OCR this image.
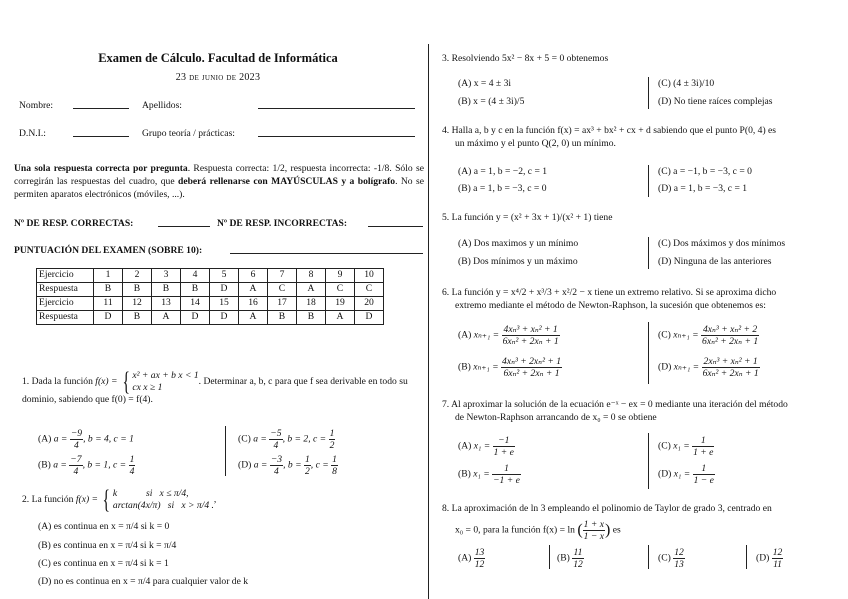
Examen de Cálculo. Facultad de Informática
23 de junio de 2023
Nombre:	Apellidos:
D.N.I.:	Grupo teoría / prácticas:
Una sola respuesta correcta por pregunta. Respuesta correcta: 1/2, respuesta incorrecta: -1/8. Sólo se corregirán las respuestas del cuadro, que deberá rellenarse con MAYÚSCULAS y a bolígrafo. No se permiten aparatos electrónicos (móviles, ...).
Nº DE RESP. CORRECTAS:	Nº DE RESP. INCORRECTAS:
PUNTUACIÓN DEL EXAMEN (SOBRE 10):
Ejercicio	1	2	3	4	5	6	7	8	9	10
Respuesta	B	B	B	B	D	A	C	A	C	C
Ejercicio	11	12	13	14	15	16	17	18	19	20
Respuesta	D	B	A	D	D	A	B	B	A	D
1. Dada la función f(x) = { x² + ax + b x < 1
cx x ≥ 1
. Determinar a, b, c para que f sea derivable en todo su dominio, sabiendo que f(0) = f(4).
(A) $a = \frac{-9}{4}$ , b = 4, c = 1
(B) $a = \frac{-7}{4}$ , b = 1, $c = \frac{1}{4}$
(C) $a = \frac{-5}{4}$ , b = 2, $c = \frac{1}{2}$
(D) $a = \frac{-3}{4}$ , $b = \frac{1}{2}$ , $c = \frac{1}{8}$
2. La función f(x) = { k            si   x ≤ π/4,
arctan(4x/π)   si   x > π/4 .
,
(A) es continua en x = π/4 si k = 0
(B) es continua en x = π/4 si k = π/4
(C) es continua en x = π/4 si k = 1
(D) no es continua en x = π/4 para cualquier valor de k
3. Resolviendo 5x² − 8x + 5 = 0 obtenemos
(A) x = 4 ± 3i
(B) x = (4 ± 3i)/5
(C) (4 ± 3i)/10
(D) No tiene raíces complejas
4. Halla a, b y c en la función f(x) = ax³ + bx² + cx + d sabiendo que el punto P(0, 4) es
un máximo y el punto Q(2, 0) un mínimo.
(A) a = 1, b = −2, c = 1
(B) a = 1, b = −3, c = 0
(C) a = −1, b = −3, c = 0
(D) a = 1, b = −3, c = 1
5. La función y = (x² + 3x + 1)/(x² + 1) tiene
(A) Dos maximos y un mínimo
(B) Dos mínimos y un máximo
(C) Dos máximos y dos mínimos
(D) Ninguna de las anteriores
6. La función y = x⁴/2 + x³/3 + x²/2 − x tiene un extremo relativo. Si se aproxima dicho
extremo mediante el método de Newton-Raphson, la sucesión que obtenemos es:
(A) $x_{n+1} = \frac{\text{4xₙ³ + xₙ² + 1}}{\text{6xₙ² + 2xₙ + 1}}$
(B) $x_{n+1} = \frac{\text{4xₙ³ + 2xₙ² + 1}}{\text{6xₙ² + 2xₙ + 1}}$
(C) $x_{n+1} = \frac{\text{4xₙ³ + xₙ² + 2}}{\text{6xₙ² + 2xₙ + 1}}$
(D) $x_{n+1} = \frac{\text{2xₙ³ + xₙ² + 1}}{\text{6xₙ² + 2xₙ + 1}}$
7. Al aproximar la solución de la ecuación e⁻ˣ − ex = 0 mediante una iteración del método
de Newton-Raphson arrancando de x₀ = 0 se obtiene
(A) $x_1 = \frac{-1}{1 + e}$
(B) $x_1 = \frac{1}{-1 + e}$
(C) $x_1 = \frac{1}{1 + e}$
(D) $x_1 = \frac{1}{1 - e}$
8. La aproximación de ln 3 empleando el polinomio de Taylor de grado 3, centrado en
x₀ = 0, para la función f(x) = ln ( $\frac{1 + x}{1 - x}$ ) es
$(A) \frac{13}{12}$	$(B) \frac{11}{12}$	$(C) \frac{12}{13}$	$(D) \frac{12}{11}$
